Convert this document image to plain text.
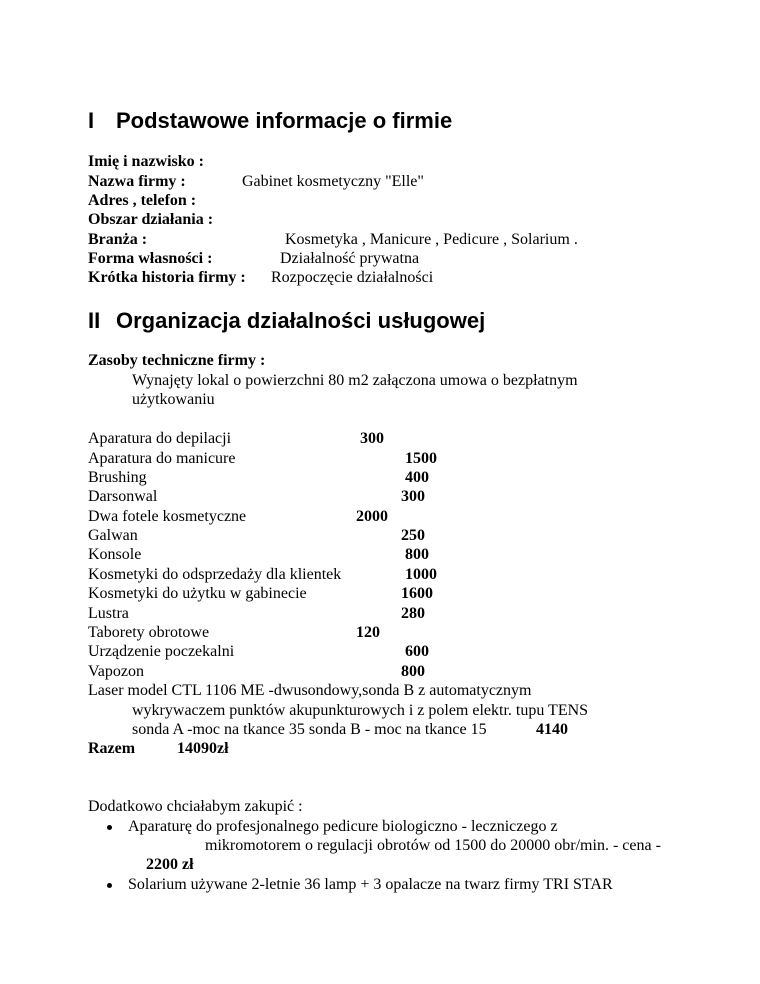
I Podstawowe informacje o firmie
Imię i nazwisko :
Nazwa firmy :	Gabinet kosmetyczny "Elle"
Adres , telefon :
Obszar działania :
Branża :	Kosmetyka , Manicure , Pedicure , Solarium .
Forma własności :	Działalność prywatna
Krótka historia firmy : Rozpoczęcie działalności
II Organizacja działalności usługowej
Zasoby techniczne firmy :
Wynajęty lokal o powierzchni 80 m2 załączona umowa o bezpłatnym
użytkowaniu
Aparatura do depilacji	300
Aparatura do manicure	1500
Brushing	400
Darsonwal	300
Dwa fotele kosmetyczne	2000
Galwan	250
Konsole	800
Kosmetyki do odsprzedaży dla klientek	1000
Kosmetyki do użytku w gabinecie	1600
Lustra	280
Taborety obrotowe	120
Urządzenie poczekalni	600
Vapozon	800
Laser model CTL 1106 ME -dwusondowy,sonda B z automatycznym
wykrywaczem punktów akupunkturowych i z polem elektr. tupu TENS
sonda A -moc na tkance 35 sonda B - moc na tkance 15	4140
Razem	14090zł
Dodatkowo chciałabym zakupić :
Aparaturę do profesjonalnego pedicure biologiczno - leczniczego z
mikromotorem o regulacji obrotów od 1500 do 20000 obr/min. - cena -
2200 zł
Solarium używane 2-letnie 36 lamp + 3 opalacze na twarz firmy TRI STAR
